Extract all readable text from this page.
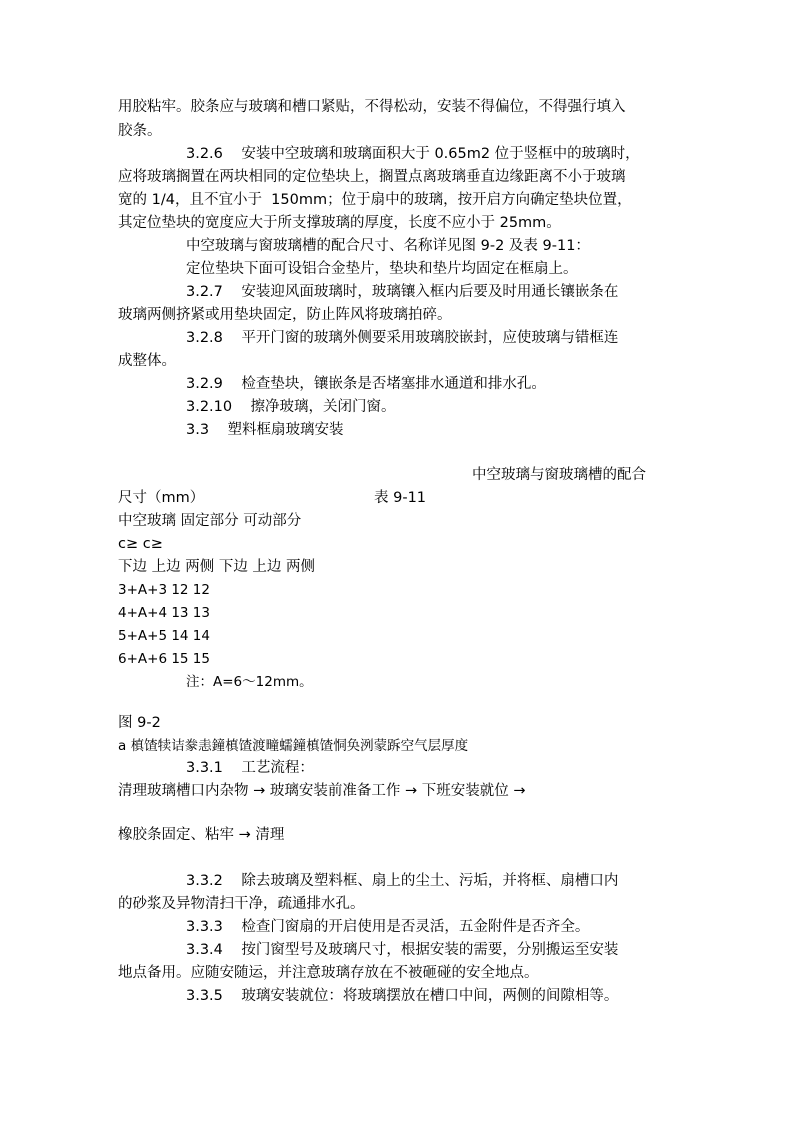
用胶粘牢。胶条应与玻璃和槽口紧贴，不得松动，安装不得偏位，不得强行填入
胶条。
3.2.6    安装中空玻璃和玻璃面积大于 0.65m2 位于竖框中的玻璃时，
应将玻璃搁置在两块相同的定位垫块上，搁置点离玻璃垂直边缘距离不小于玻璃
宽的 1/4，且不宜小于  150mm；位于扇中的玻璃，按开启方向确定垫块位置，
其定位垫块的宽度应大于所支撑玻璃的厚度，长度不应小于 25mm。
中空玻璃与窗玻璃槽的配合尺寸、名称详见图 9-2 及表 9-11：
定位垫块下面可设铝合金垫片，垫块和垫片均固定在框扇上。
3.2.7    安装迎风面玻璃时，玻璃镶入框内后要及时用通长镶嵌条在
玻璃两侧挤紧或用垫块固定，防止阵风将玻璃拍碎。
3.2.8    平开门窗的玻璃外侧要采用玻璃胶嵌封，应使玻璃与错框连
成整体。
3.2.9    检查垫块，镶嵌条是否堵塞排水通道和排水孔。
3.2.10    擦净玻璃，关闭门窗。
3.3    塑料框扇玻璃安装
中空玻璃与窗玻璃槽的配合
尺寸（mm）	表 9-11
中空玻璃 固定部分 可动部分
c≥ c≥
下边 上边 两侧 下边 上边 两侧
3+A+3 12 12
4+A+4 13 13
5+A+5 14 14
6+A+6 15 15
注：A=6～12mm。
图 9-2
a 槙馇犊诘豢恚鐘槙馇渡疃蠕鐘槙馇恫奂洌蒙跅空气层厚度
3.3.1    工艺流程：
清理玻璃槽口内杂物 → 玻璃安装前准备工作 → 下班安装就位 →
橡胶条固定、粘牢 → 清理
3.3.2    除去玻璃及塑料框、扇上的尘土、污垢，并将框、扇槽口内
的砂浆及异物清扫干净，疏通排水孔。
3.3.3    检查门窗扇的开启使用是否灵活，五金附件是否齐全。
3.3.4    按门窗型号及玻璃尺寸，根据安装的需要，分别搬运至安装
地点备用。应随安随运，并注意玻璃存放在不被砸碰的安全地点。
3.3.5    玻璃安装就位：将玻璃摆放在槽口中间，两侧的间隙相等。
